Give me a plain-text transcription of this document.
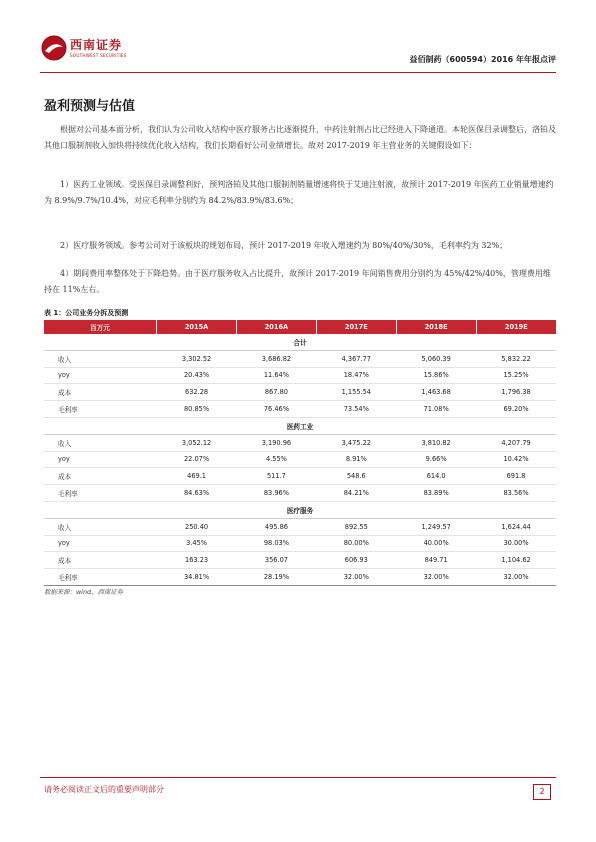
西南证券
SOUTHWEST SECURITIES	益佰制药（600594）2016 年年报点评
盈利预测与估值

根据对公司基本面分析，我们认为公司收入结构中医疗服务占比逐渐提升，中药注射剂占比已经进入下降通道。本轮医保目录调整后，洛铂及其他口服制剂收入加快将持续优化收入结构，我们长期看好公司业绩增长。故对 2017-2019 年主营业务的关键假设如下：

1）医药工业领域。受医保目录调整利好，预判洛铂及其他口服制剂销量增速将快于艾迪注射液，故预计 2017-2019 年医药工业销量增速约为 8.9%/9.7%/10.4%，对应毛利率分别约为 84.2%/83.9%/83.6%；

2）医疗服务领域。参考公司对于该板块的规划布局，预计 2017-2019 年收入增速约为 80%/40%/30%，毛利率约为 32%；

4）期间费用率整体处于下降趋势。由于医疗服务收入占比提升，故预计 2017-2019 年间销售费用分别约为 45%/42%/40%，管理费用维持在 11%左右。

表 1：公司业务分拆及预测
百万元	2015A	2016A	2017E	2018E	2019E
合计					
收入	3,302.52	3,686.82	4,367.77	5,060.39	5,832.22
yoy	20.43%	11.64%	18.47%	15.86%	15.25%
成本	632.28	867.80	1,155.54	1,463.68	1,796.38
毛利率	80.85%	76.46%	73.54%	71.08%	69.20%
医药工业					
收入	3,052.12	3,190.96	3,475.22	3,810.82	4,207.79
yoy	22.07%	4.55%	8.91%	9.66%	10.42%
成本	469.1	511.7	548.6	614.0	691.8
毛利率	84.63%	83.96%	84.21%	83.89%	83.56%
医疗服务					
收入	250.40	495.86	892.55	1,249.57	1,624.44
yoy	3.45%	98.03%	80.00%	40.00%	30.00%
成本	163.23	356.07	606.93	849.71	1,104.62
毛利率	34.81%	28.19%	32.00%	32.00%	32.00%
数据来源：wind、西南证券
请务必阅读正文后的重要声明部分	2
